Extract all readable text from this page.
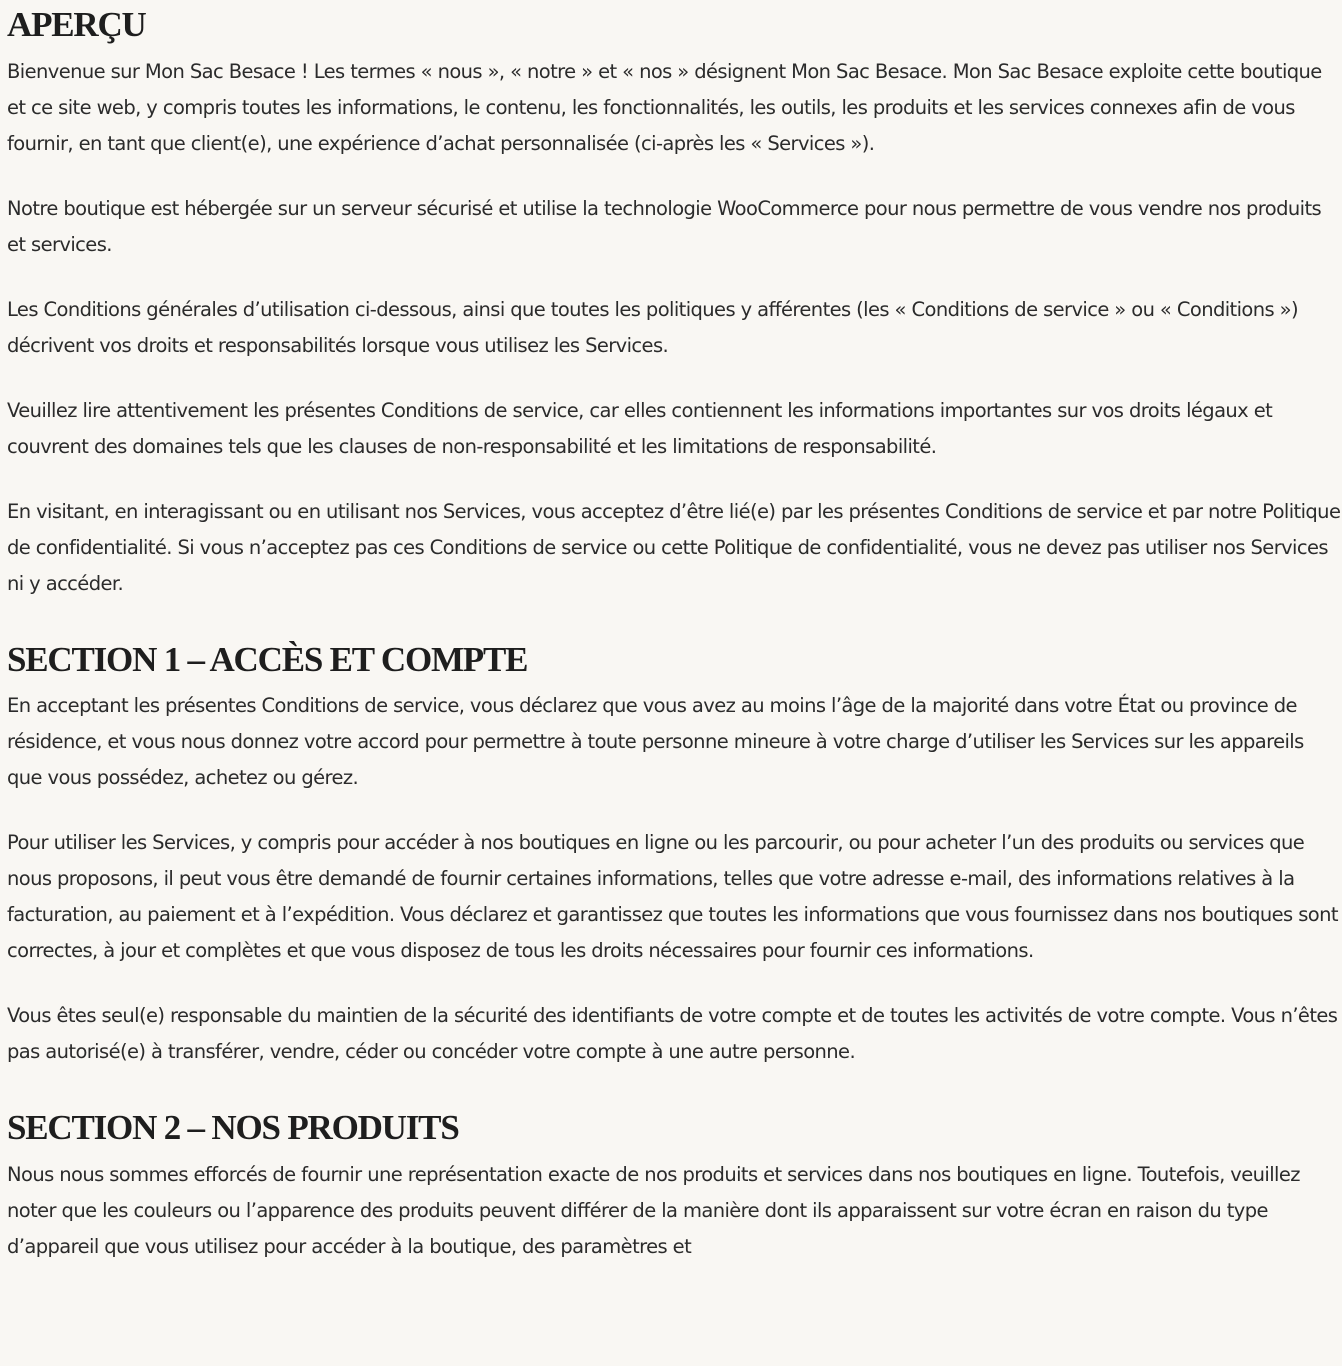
APERÇU

Bienvenue sur Mon Sac Besace ! Les termes « nous », « notre » et « nos » désignent Mon Sac Besace. Mon Sac Besace exploite cette boutique et ce site web, y compris toutes les informations, le contenu, les fonctionnalités, les outils, les produits et les services connexes afin de vous fournir, en tant que client(e), une expérience d’achat personnalisée (ci-après les « Services »).

Notre boutique est hébergée sur un serveur sécurisé et utilise la technologie WooCommerce pour nous permettre de vous vendre nos produits et services.

Les Conditions générales d’utilisation ci-dessous, ainsi que toutes les politiques y afférentes (les « Conditions de service » ou « Conditions ») décrivent vos droits et responsabilités lorsque vous utilisez les Services.

Veuillez lire attentivement les présentes Conditions de service, car elles contiennent les informations importantes sur vos droits légaux et couvrent des domaines tels que les clauses de non-responsabilité et les limitations de responsabilité.

En visitant, en interagissant ou en utilisant nos Services, vous acceptez d’être lié(e) par les présentes Conditions de service et par notre Politique de confidentialité. Si vous n’acceptez pas ces Conditions de service ou cette Politique de confidentialité, vous ne devez pas utiliser nos Services ni y accéder.

SECTION 1 – ACCÈS ET COMPTE

En acceptant les présentes Conditions de service, vous déclarez que vous avez au moins l’âge de la majorité dans votre État ou province de résidence, et vous nous donnez votre accord pour permettre à toute personne mineure à votre charge d’utiliser les Services sur les appareils que vous possédez, achetez ou gérez.

Pour utiliser les Services, y compris pour accéder à nos boutiques en ligne ou les parcourir, ou pour acheter l’un des produits ou services que nous proposons, il peut vous être demandé de fournir certaines informations, telles que votre adresse e-mail, des informations relatives à la facturation, au paiement et à l’expédition. Vous déclarez et garantissez que toutes les informations que vous fournissez dans nos boutiques sont correctes, à jour et complètes et que vous disposez de tous les droits nécessaires pour fournir ces informations.

Vous êtes seul(e) responsable du maintien de la sécurité des identifiants de votre compte et de toutes les activités de votre compte. Vous n’êtes pas autorisé(e) à transférer, vendre, céder ou concéder votre compte à une autre personne.

SECTION 2 – NOS PRODUITS

Nous nous sommes efforcés de fournir une représentation exacte de nos produits et services dans nos boutiques en ligne. Toutefois, veuillez noter que les couleurs ou l’apparence des produits peuvent différer de la manière dont ils apparaissent sur votre écran en raison du type d’appareil que vous utilisez pour accéder à la boutique, des paramètres et
